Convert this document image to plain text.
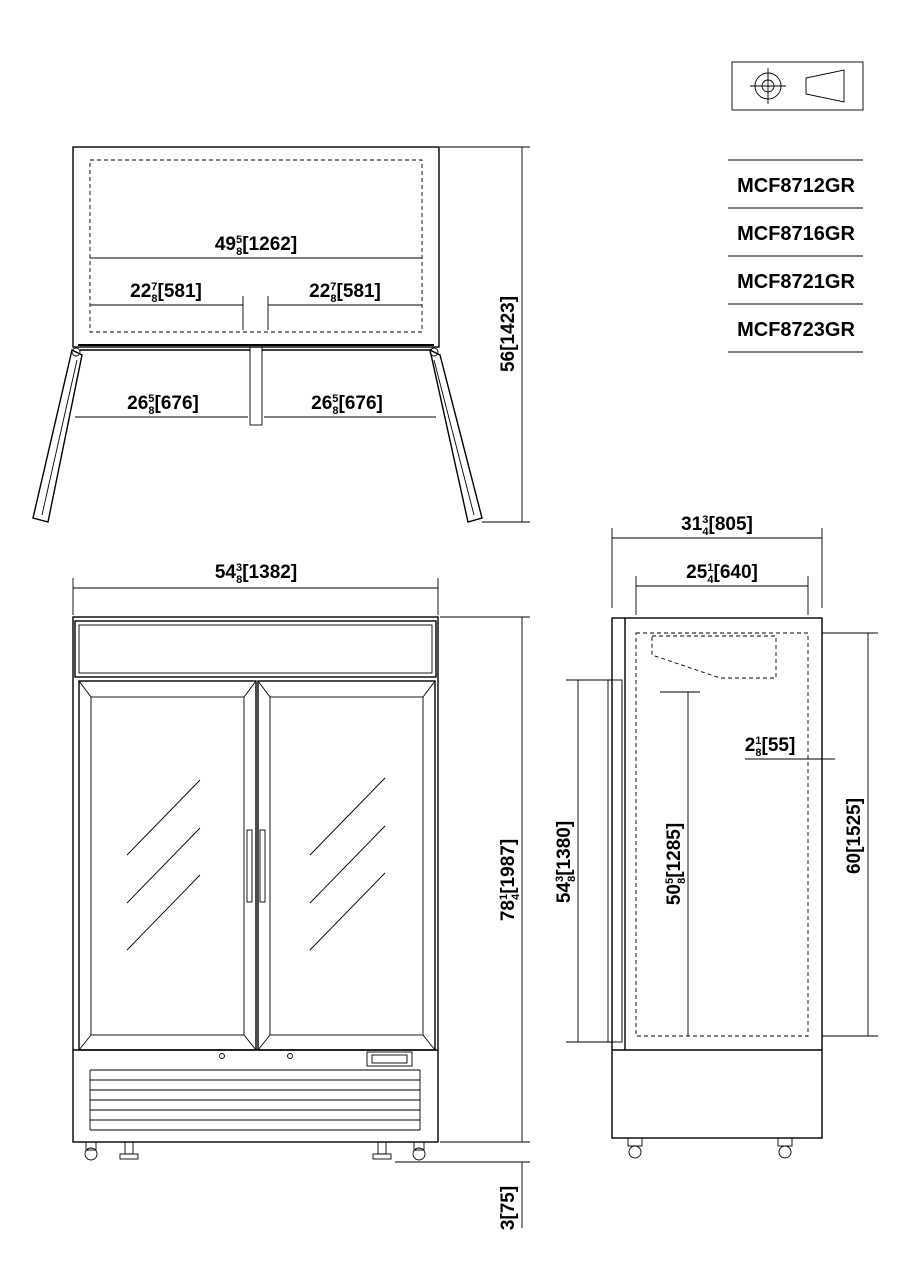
MCF8712GR
MCF8716GR
MCF8721GR
MCF8723GR
$49^5$ 8[1262]
$22^7$ 8[581]	$22^7$ 8[581]
$26^5$ 8[676]	$26^5$ 8[676]
56[1423]
$54^3$ 8[1382]
$78^14[1987]$
3[75]
$31^3$ 4[805]
$25^1$ 4[640]
$54^38[1380]$
$50^58[1285]$
$2^1$ 8[55]
60[1525]
